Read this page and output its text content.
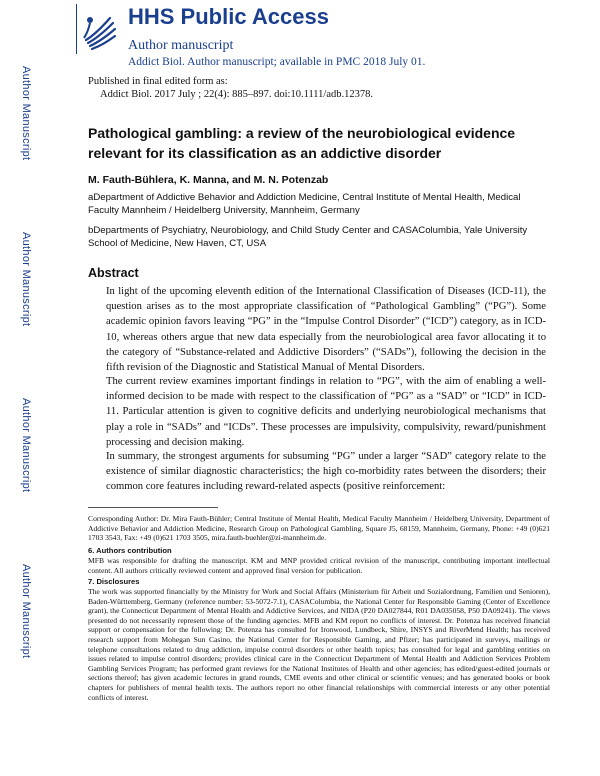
Author Manuscript
Author Manuscript
Author Manuscript
Author Manuscript
HHS Public Access
Author manuscript
Addict Biol. Author manuscript; available in PMC 2018 July 01.
Published in final edited form as:
Addict Biol. 2017 July ; 22(4): 885–897. doi:10.1111/adb.12378.
Pathological gambling: a review of the neurobiological evidence relevant for its classification as an addictive disorder
M. Fauth-Bühlera, K. Manna, and M. N. Potenzab
aDepartment of Addictive Behavior and Addiction Medicine, Central Institute of Mental Health, Medical Faculty Mannheim / Heidelberg University, Mannheim, Germany
bDepartments of Psychiatry, Neurobiology, and Child Study Center and CASAColumbia, Yale University School of Medicine, New Haven, CT, USA
Abstract
In light of the upcoming eleventh edition of the International Classification of Diseases (ICD-11), the question arises as to the most appropriate classification of “Pathological Gambling” (“PG”). Some academic opinion favors leaving “PG” in the “Impulse Control Disorder” (“ICD”) category, as in ICD-10, whereas others argue that new data especially from the neurobiological area favor allocating it to the category of “Substance-related and Addictive Disorders” (“SADs”), following the decision in the fifth revision of the Diagnostic and Statistical Manual of Mental Disorders.
The current review examines important findings in relation to “PG”, with the aim of enabling a well-informed decision to be made with respect to the classification of “PG” as a “SAD” or “ICD” in ICD-11. Particular attention is given to cognitive deficits and underlying neurobiological mechanisms that play a role in “SADs” and “ICDs”. These processes are impulsivity, compulsivity, reward/punishment processing and decision making.
In summary, the strongest arguments for subsuming “PG” under a larger “SAD” category relate to the existence of similar diagnostic characteristics; the high co-morbidity rates between the disorders; their common core features including reward-related aspects (positive reinforcement:
Corresponding Author: Dr. Mira Fauth-Bühler; Central Institute of Mental Health, Medical Faculty Mannheim / Heidelberg University, Department of Addictive Behavior and Addiction Medicine, Research Group on Pathological Gambling, Square J5, 68159, Mannheim, Germany, Phone: +49 (0)621 1703 3543, Fax: +49 (0)621 1703 3505, mira.fauth-buehler@zi-mannheim.de.
6. Authors contribution
MFB was responsible for drafting the manuscript. KM and MNP provided critical revision of the manuscript, contributing important intellectual content. All authors critically reviewed content and approved final version for publication.
7. Disclosures
The work was supported financially by the Ministry for Work and Social Affairs (Ministerium für Arbeit und Sozialordnung, Familien und Senioren), Baden-Württemberg, Germany (reference number: 53-5072-7.1), CASAColumbia, the National Center for Responsible Gaming (Center of Excellence grant), the Connecticut Department of Mental Health and Addictive Services, and NIDA (P20 DA027844, R01 DA035058, P50 DA09241). The views presented do not necessarily represent those of the funding agencies. MFB and KM report no conflicts of interest. Dr. Potenza has received financial support or compensation for the following: Dr. Potenza has consulted for Ironwood, Lundbeck, Shire, INSYS and RiverMend Health; has received research support from Mohegan Sun Casino, the National Center for Responsible Gaming, and Pfizer; has participated in surveys, mailings or telephone consultations related to drug addiction, impulse control disorders or other health topics; has consulted for legal and gambling entities on issues related to impulse control disorders; provides clinical care in the Connecticut Department of Mental Health and Addiction Services Problem Gambling Services Program; has performed grant reviews for the National Institutes of Health and other agencies; has edited/guest-edited journals or sections thereof; has given academic lectures in grand rounds, CME events and other clinical or scientific venues; and has generated books or book chapters for publishers of mental health texts. The authors report no other financial relationships with commercial interests or any other potential conflicts of interest.
